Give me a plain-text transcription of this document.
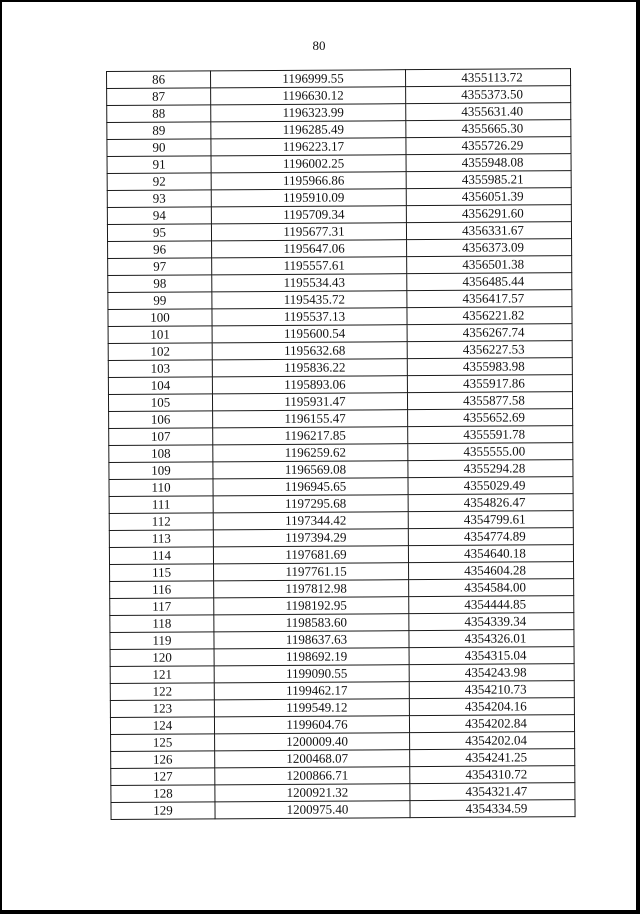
80
86	1196999.55	4355113.72
87	1196630.12	4355373.50
88	1196323.99	4355631.40
89	1196285.49	4355665.30
90	1196223.17	4355726.29
91	1196002.25	4355948.08
92	1195966.86	4355985.21
93	1195910.09	4356051.39
94	1195709.34	4356291.60
95	1195677.31	4356331.67
96	1195647.06	4356373.09
97	1195557.61	4356501.38
98	1195534.43	4356485.44
99	1195435.72	4356417.57
100	1195537.13	4356221.82
101	1195600.54	4356267.74
102	1195632.68	4356227.53
103	1195836.22	4355983.98
104	1195893.06	4355917.86
105	1195931.47	4355877.58
106	1196155.47	4355652.69
107	1196217.85	4355591.78
108	1196259.62	4355555.00
109	1196569.08	4355294.28
110	1196945.65	4355029.49
111	1197295.68	4354826.47
112	1197344.42	4354799.61
113	1197394.29	4354774.89
114	1197681.69	4354640.18
115	1197761.15	4354604.28
116	1197812.98	4354584.00
117	1198192.95	4354444.85
118	1198583.60	4354339.34
119	1198637.63	4354326.01
120	1198692.19	4354315.04
121	1199090.55	4354243.98
122	1199462.17	4354210.73
123	1199549.12	4354204.16
124	1199604.76	4354202.84
125	1200009.40	4354202.04
126	1200468.07	4354241.25
127	1200866.71	4354310.72
128	1200921.32	4354321.47
129	1200975.40	4354334.59
